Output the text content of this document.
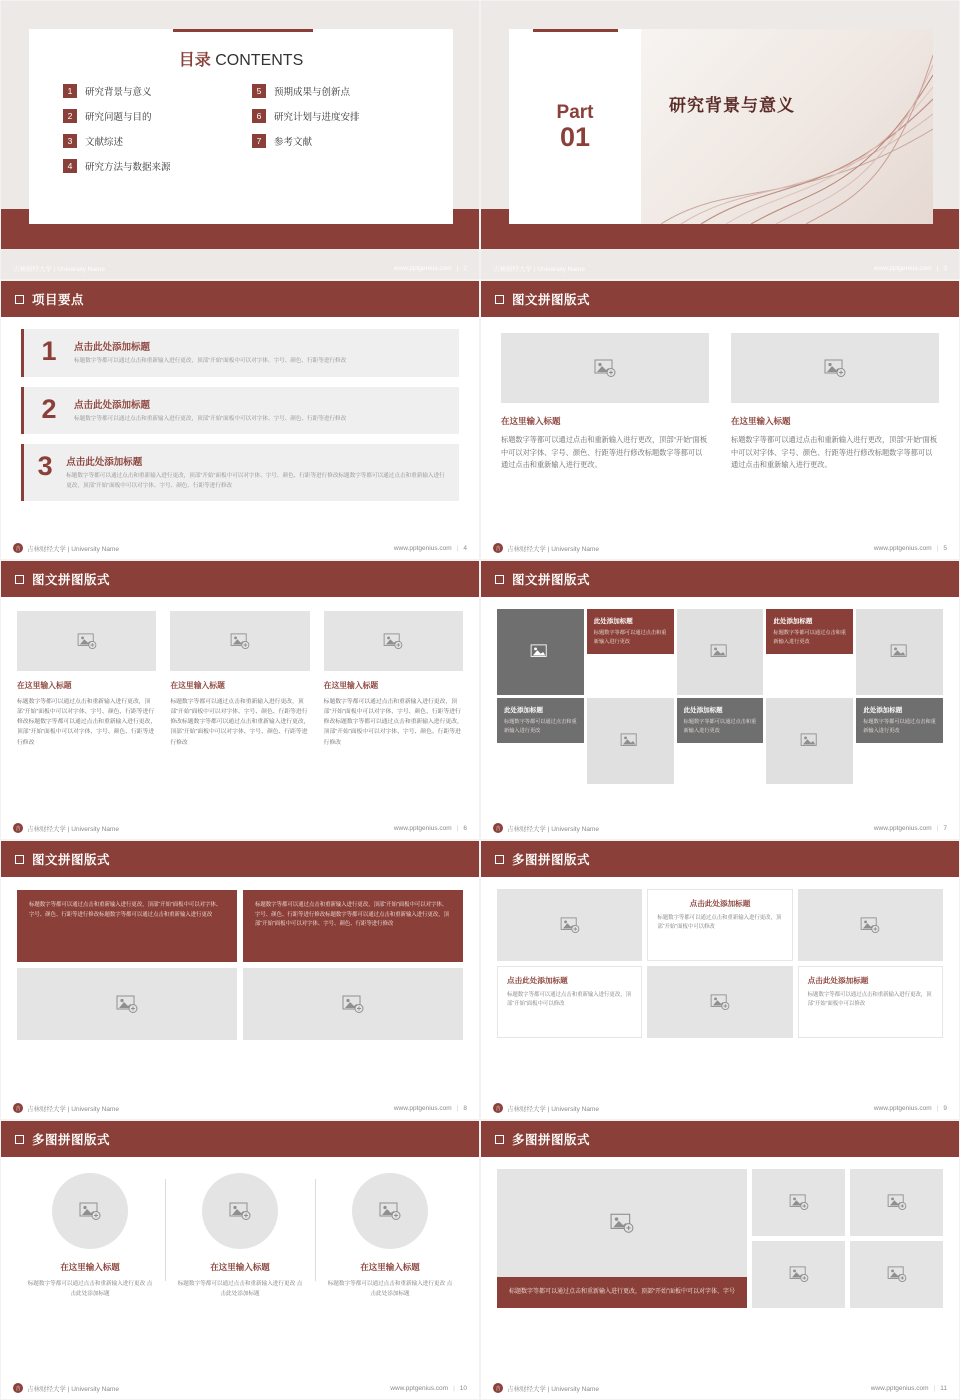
目录 CONTENTS
1	研究背景与意义
2	研究问题与目的
3	文献综述
4	研究方法与数据来源
5	预期成果与创新点
6	研究计划与进度安排
7	参考文献
吉林财经大学 | University Name	www.pptgenius.com | 2
Part
01
研究背景与意义
吉林财经大学 | University Name	www.pptgenius.com | 3
项目要点
1	点击此处添加标题

标题数字等都可以通过点击和重新输入进行更改，顶部“开始”面板中可以对字体、字号、颜色、行距等进行修改

2	点击此处添加标题

标题数字等都可以通过点击和重新输入进行更改，顶部“开始”面板中可以对字体、字号、颜色、行距等进行修改

3 点击此处添加标题

标题数字等都可以通过点击和重新输入进行更改，顶部“开始”面板中可以对字体、字号、颜色、行距等进行修改标题数字等都可以通过点击和重新输入进行更改，顶部“开始”面板中可以对字体、字号、颜色、行距等进行修改

吉	吉林财经大学 | University Name	www.pptgenius.com | 4
图文拼图版式
在这里输入标题

标题数字等都可以通过点击和重新输入进行更改，顶部“开始”面板中可以对字体、字号、颜色、行距等进行修改标题数字等都可以通过点击和重新输入进行更改。

在这里输入标题

标题数字等都可以通过点击和重新输入进行更改，顶部“开始”面板中可以对字体、字号、颜色、行距等进行修改标题数字等都可以通过点击和重新输入进行更改。

吉	吉林财经大学 | University Name	www.pptgenius.com | 5
图文拼图版式
在这里输入标题

标题数字等都可以通过点击和重新输入进行更改，顶部“开始”面板中可以对字体、字号、颜色、行距等进行修改标题数字等都可以通过点击和重新输入进行更改，顶部“开始”面板中可以对字体、字号、颜色、行距等进行修改

在这里输入标题

标题数字等都可以通过点击和重新输入进行更改，顶部“开始”面板中可以对字体、字号、颜色、行距等进行修改标题数字等都可以通过点击和重新输入进行更改，顶部“开始”面板中可以对字体、字号、颜色、行距等进行修改

在这里输入标题

标题数字等都可以通过点击和重新输入进行更改，顶部“开始”面板中可以对字体、字号、颜色、行距等进行修改标题数字等都可以通过点击和重新输入进行更改，顶部“开始”面板中可以对字体、字号、颜色、行距等进行修改

吉	吉林财经大学 | University Name	www.pptgenius.com | 6
图文拼图版式
此处添加标题

标题数字等都可以通过点击和重新输入进行更改

此处添加标题

标题数字等都可以通过点击和重新输入进行更改

此处添加标题

标题数字等都可以通过点击和重新输入进行更改

此处添加标题

标题数字等都可以通过点击和重新输入进行更改

此处添加标题

标题数字等都可以通过点击和重新输入进行更改

吉	吉林财经大学 | University Name	www.pptgenius.com | 7
图文拼图版式

标题数字等都可以通过点击和重新输入进行更改，顶部“开始”面板中可以对字体、字号、颜色、行距等进行修改标题数字等都可以通过点击和重新输入进行更改

标题数字等都可以通过点击和重新输入进行更改，顶部“开始”面板中可以对字体、字号、颜色、行距等进行修改标题数字等都可以通过点击和重新输入进行更改，顶部“开始”面板中可以对字体、字号、颜色、行距等进行修改

吉	吉林财经大学 | University Name	www.pptgenius.com | 8
多图拼图版式
点击此处添加标题

标题数字等都可以通过点击和重新输入进行更改，顶部“开始”面板中可以修改

点击此处添加标题

标题数字等都可以通过点击和重新输入进行更改，顶部“开始”面板中可以修改

点击此处添加标题

标题数字等都可以通过点击和重新输入进行更改，顶部“开始”面板中可以修改

吉	吉林财经大学 | University Name	www.pptgenius.com | 9
多图拼图版式
在这里输入标题

标题数字等都可以通过点击和重新输入进行更改 点击此处添加标题

在这里输入标题

标题数字等都可以通过点击和重新输入进行更改 点击此处添加标题

在这里输入标题

标题数字等都可以通过点击和重新输入进行更改 点击此处添加标题

吉	吉林财经大学 | University Name	www.pptgenius.com | 10
多图拼图版式

标题数字等都可以通过点击和重新输入进行更改，顶部“开始”面板中可以对字体、字号

吉	吉林财经大学 | University Name	www.pptgenius.com | 11
